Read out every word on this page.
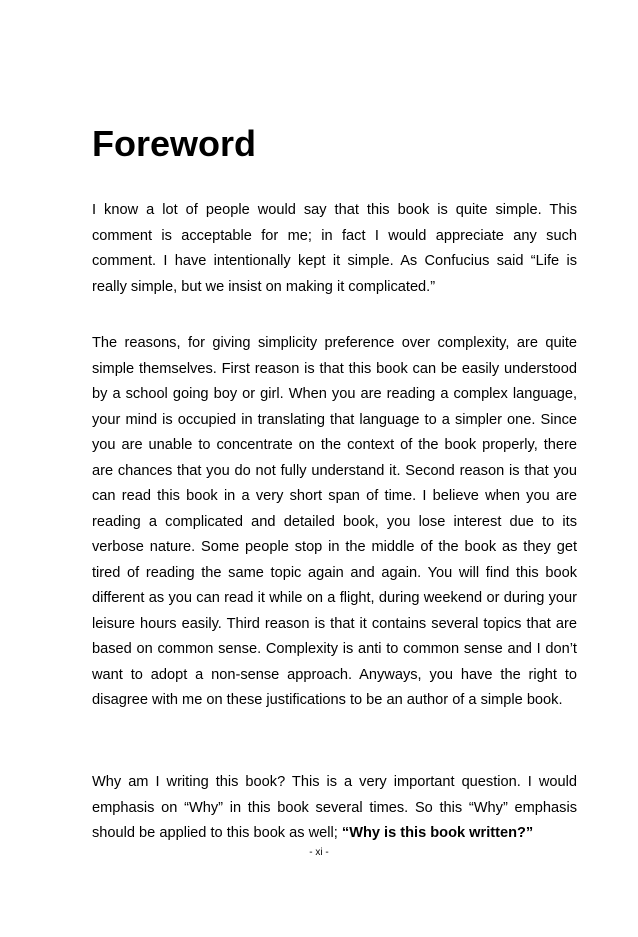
Foreword

I know a lot of people would say that this book is quite simple. This comment is acceptable for me; in fact I would appreciate any such comment. I have intentionally kept it simple. As Confucius said “Life is really simple, but we insist on making it complicated.”

The reasons, for giving simplicity preference over complexity, are quite simple themselves. First reason is that this book can be easily understood by a school going boy or girl. When you are reading a complex language, your mind is occupied in translating that language to a simpler one. Since you are unable to concentrate on the context of the book properly, there are chances that you do not fully understand it. Second reason is that you can read this book in a very short span of time. I believe when you are reading a complicated and detailed book, you lose interest due to its verbose nature. Some people stop in the middle of the book as they get tired of reading the same topic again and again. You will find this book different as you can read it while on a flight, during weekend or during your leisure hours easily. Third reason is that it contains several topics that are based on common sense. Complexity is anti to common sense and I don’t want to adopt a non-sense approach. Anyways, you have the right to disagree with me on these justifications to be an author of a simple book.

Why am I writing this book? This is a very important question. I would emphasis on “Why” in this book several times. So this “Why” emphasis should be applied to this book as well; “Why is this book written?”

- xi -
